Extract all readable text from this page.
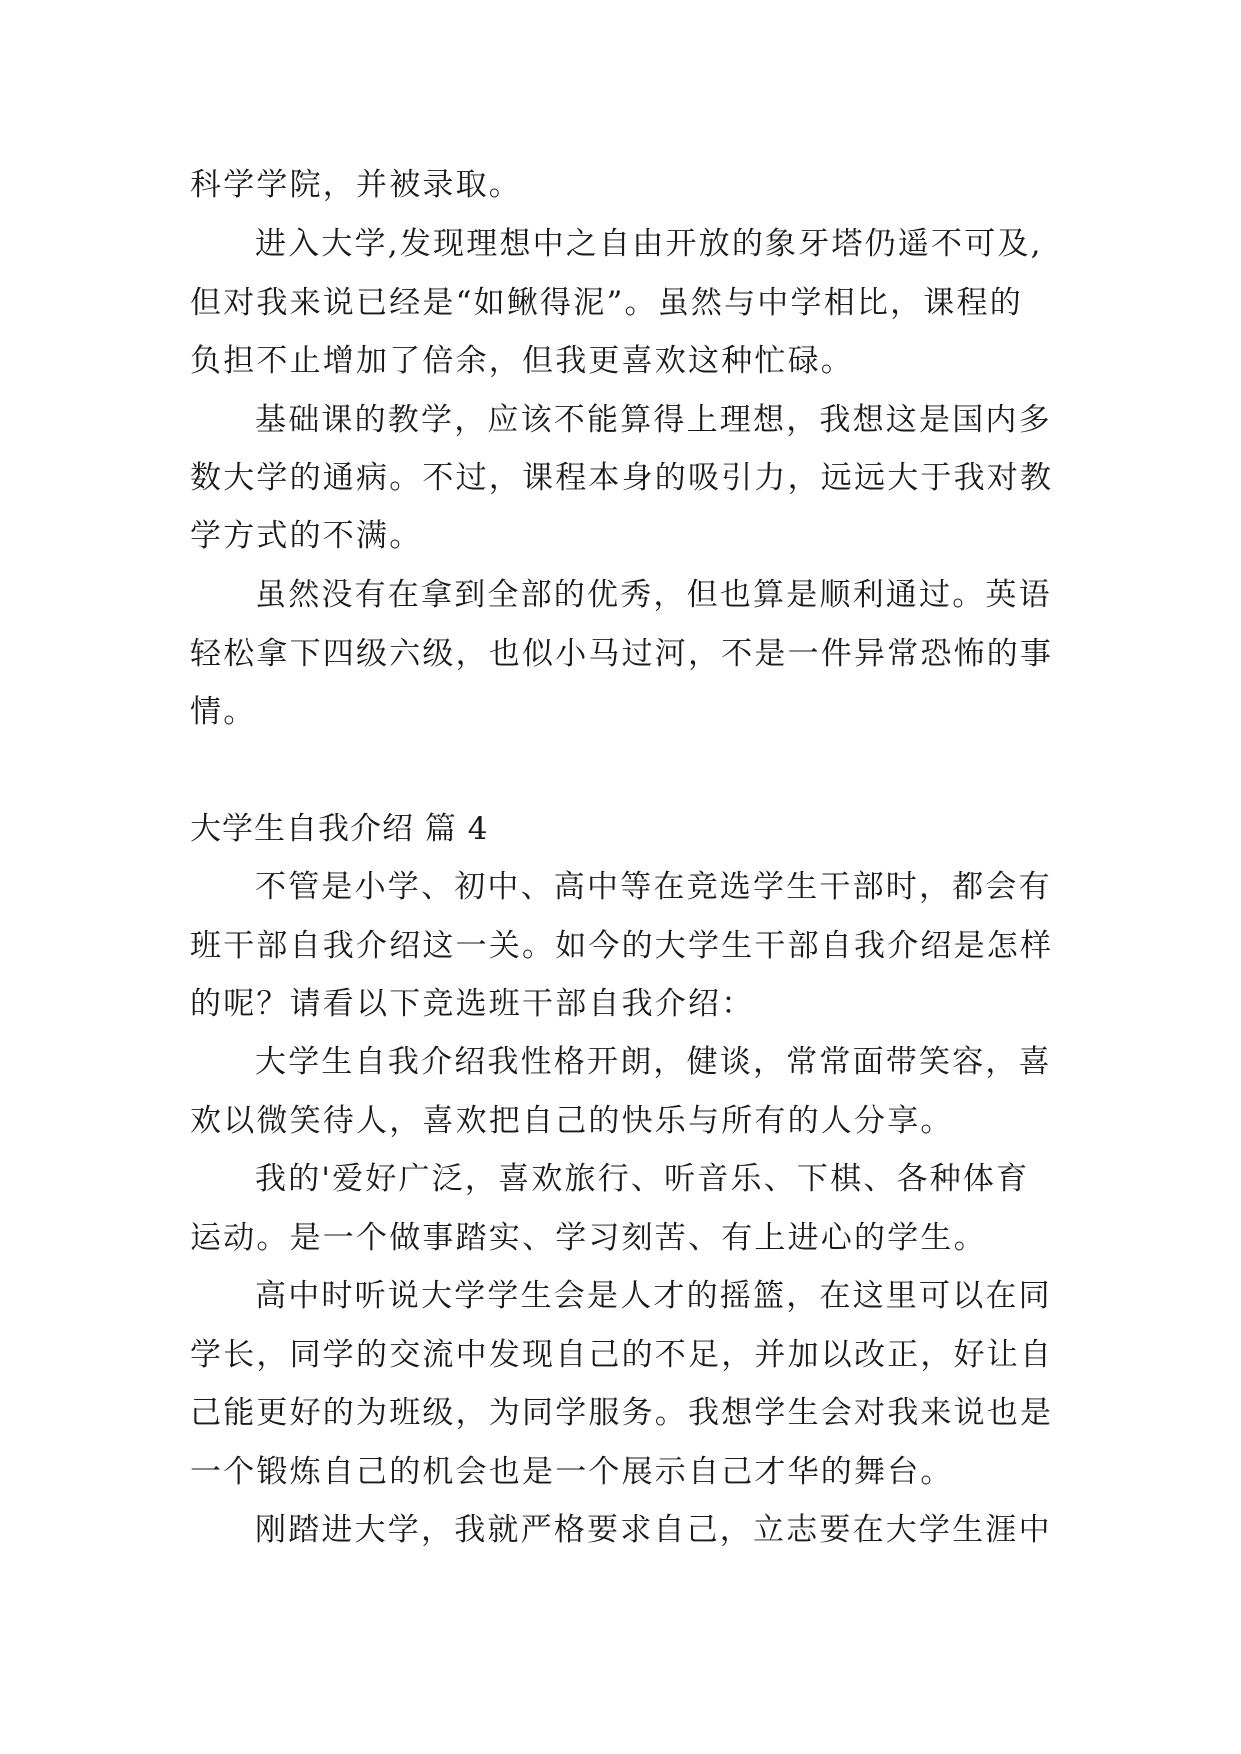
科学学院，并被录取。
进入大学,发现理想中之自由开放的象牙塔仍遥不可及,
但对我来说已经是“如鳅得泥”。虽然与中学相比，课程的
负担不止增加了倍余，但我更喜欢这种忙碌。
基础课的教学，应该不能算得上理想，我想这是国内多
数大学的通病。不过，课程本身的吸引力，远远大于我对教
学方式的不满。
虽然没有在拿到全部的优秀，但也算是顺利通过。英语
轻松拿下四级六级，也似小马过河，不是一件异常恐怖的事
情。
大学生自我介绍 篇 4
不管是小学、初中、高中等在竞选学生干部时，都会有
班干部自我介绍这一关。如今的大学生干部自我介绍是怎样
的呢？请看以下竞选班干部自我介绍：
大学生自我介绍我性格开朗，健谈，常常面带笑容，喜
欢以微笑待人，喜欢把自己的快乐与所有的人分享。
我的'爱好广泛，喜欢旅行、听音乐、下棋、各种体育
运动。是一个做事踏实、学习刻苦、有上进心的学生。
高中时听说大学学生会是人才的摇篮，在这里可以在同
学长，同学的交流中发现自己的不足，并加以改正，好让自
己能更好的为班级，为同学服务。我想学生会对我来说也是
一个锻炼自己的机会也是一个展示自己才华的舞台。
刚踏进大学，我就严格要求自己，立志要在大学生涯中
